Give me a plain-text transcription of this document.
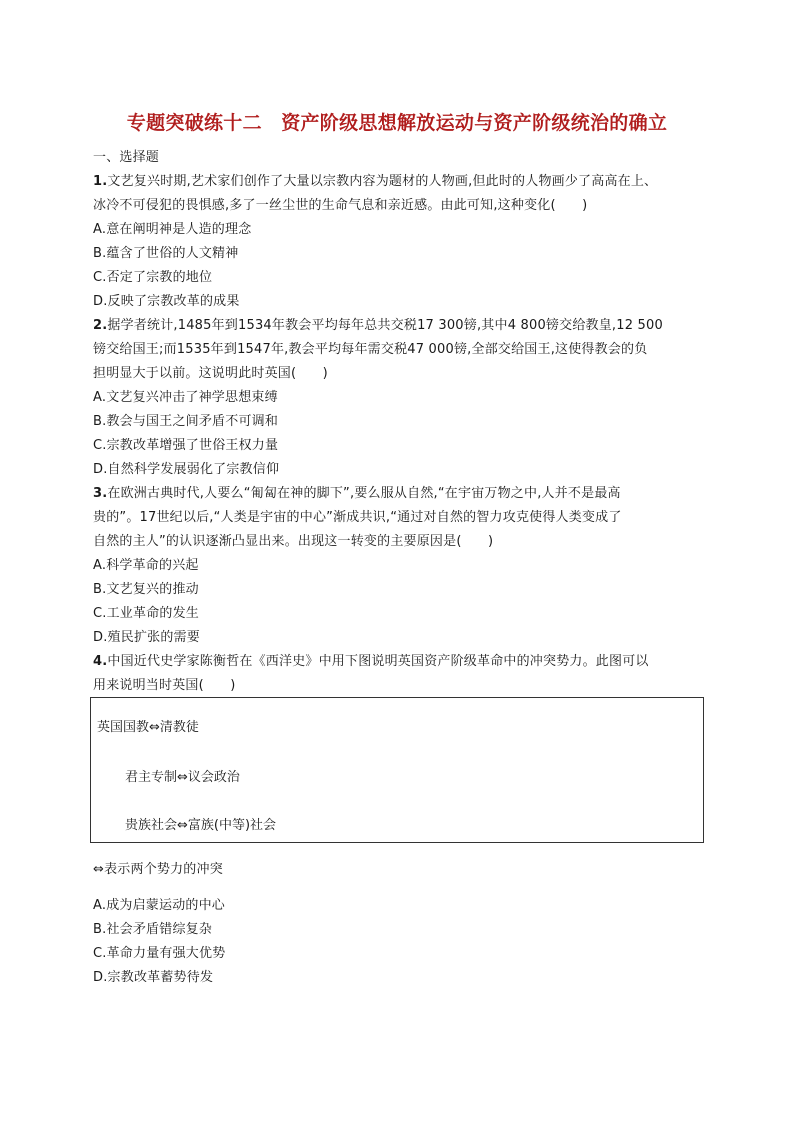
专题突破练十二　资产阶级思想解放运动与资产阶级统治的确立
一、选择题
1.文艺复兴时期,艺术家们创作了大量以宗教内容为题材的人物画,但此时的人物画少了高高在上、
冰冷不可侵犯的畏惧感,多了一丝尘世的生命气息和亲近感。由此可知,这种变化(　　)
A.意在阐明神是人造的理念
B.蕴含了世俗的人文精神
C.否定了宗教的地位
D.反映了宗教改革的成果
2.据学者统计,1485年到1534年教会平均每年总共交税17 300镑,其中4 800镑交给教皇,12 500
镑交给国王;而1535年到1547年,教会平均每年需交税47 000镑,全部交给国王,这使得教会的负
担明显大于以前。这说明此时英国(　　)
A.文艺复兴冲击了神学思想束缚
B.教会与国王之间矛盾不可调和
C.宗教改革增强了世俗王权力量
D.自然科学发展弱化了宗教信仰
3.在欧洲古典时代,人要么“匍匐在神的脚下”,要么服从自然,“在宇宙万物之中,人并不是最高
贵的”。17世纪以后,“人类是宇宙的中心”渐成共识,“通过对自然的智力攻克使得人类变成了
自然的主人”的认识逐渐凸显出来。出现这一转变的主要原因是(　　)
A.科学革命的兴起
B.文艺复兴的推动
C.工业革命的发生
D.殖民扩张的需要
4.中国近代史学家陈衡哲在《西洋史》中用下图说明英国资产阶级革命中的冲突势力。此图可以
用来说明当时英国(　　)
英国国教⇔清教徒
君主专制⇔议会政治
贵族社会⇔富族(中等)社会
⇔表示两个势力的冲突
A.成为启蒙运动的中心
B.社会矛盾错综复杂
C.革命力量有强大优势
D.宗教改革蓄势待发
